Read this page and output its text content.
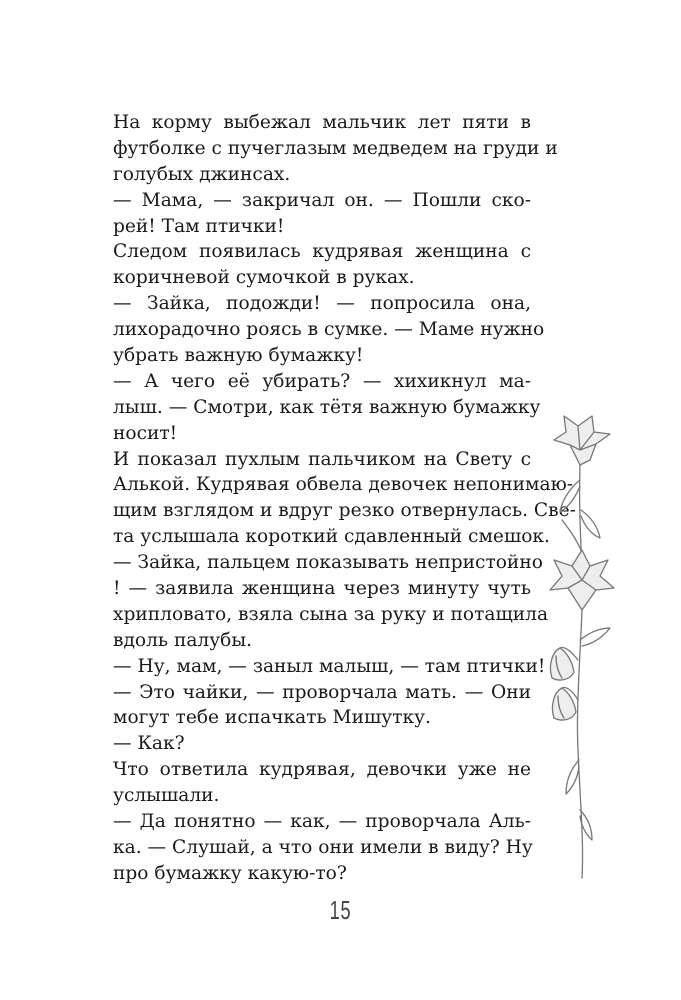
На корму выбежал мальчик лет пяти в
футболке с пучеглазым медведем на груди и
голубых джинсах.
— Мама, — закричал он. — Пошли ско-
рей! Там птички!
Следом появилась кудрявая женщина с
коричневой сумочкой в руках.
— Зайка, подожди! — попросила она,
лихорадочно роясь в сумке. — Маме нужно
убрать важную бумажку!
— А чего её убирать? — хихикнул ма-
лыш. — Смотри, как тётя важную бумажку
носит!
И показал пухлым пальчиком на Свету с
Алькой. Кудрявая обвела девочек непонимаю-
щим взглядом и вдруг резко отвернулась. Све-
та услышала короткий сдавленный смешок.
— Зайка, пальцем показывать непристойно
! — заявила женщина через минуту чуть
хрипловато, взяла сына за руку и потащила
вдоль палубы.
— Ну, мам, — заныл малыш, — там птички!
— Это чайки, — проворчала мать. — Они
могут тебе испачкать Мишутку.
— Как?
Что ответила кудрявая, девочки уже не
услышали.
— Да понятно — как, — проворчала Аль-
ка. — Слушай, а что они имели в виду? Ну
про бумажку какую-то?
15
